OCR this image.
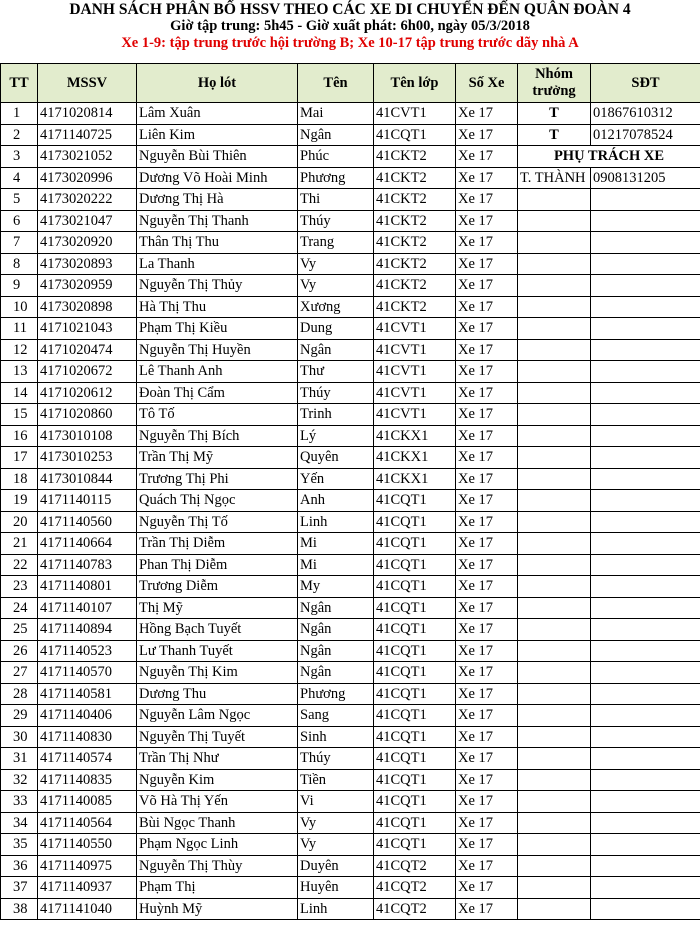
DANH SÁCH PHÂN BỔ HSSV THEO CÁC XE DI CHUYỂN ĐẾN QUÂN ĐOÀN 4
Giờ tập trung: 5h45 - Giờ xuất phát: 6h00, ngày 05/3/2018
Xe 1-9: tập trung trước hội trường B; Xe 10-17 tập trung trước dãy nhà A
TT	MSSV	Họ lót	Tên	Tên lớp	Số Xe	Nhóm trưởng	SĐT
1	4171020814	Lâm Xuân	Mai	41CVT1	Xe 17	T	01867610312
2	4171140725	Liên Kim	Ngân	41CQT1	Xe 17	T	01217078524
3	4173021052	Nguyễn Bùi Thiên	Phúc	41CKT2	Xe 17	PHỤ TRÁCH XE	
4	4173020996	Dương Võ Hoài Minh	Phương	41CKT2	Xe 17	T. THÀNH	0908131205
5	4173020222	Dương Thị Hà	Thi	41CKT2	Xe 17		
6	4173021047	Nguyễn Thị Thanh	Thúy	41CKT2	Xe 17		
7	4173020920	Thân Thị Thu	Trang	41CKT2	Xe 17		
8	4173020893	La Thanh	Vy	41CKT2	Xe 17		
9	4173020959	Nguyễn Thị Thủy	Vy	41CKT2	Xe 17		
10	4173020898	Hà Thị Thu	Xương	41CKT2	Xe 17		
11	4171021043	Phạm Thị Kiều	Dung	41CVT1	Xe 17		
12	4171020474	Nguyễn Thị Huyền	Ngân	41CVT1	Xe 17		
13	4171020672	Lê Thanh Anh	Thư	41CVT1	Xe 17		
14	4171020612	Đoàn Thị Cẩm	Thúy	41CVT1	Xe 17		
15	4171020860	Tô Tố	Trinh	41CVT1	Xe 17		
16	4173010108	Nguyễn Thị Bích	Lý	41CKX1	Xe 17		
17	4173010253	Trần Thị Mỹ	Quyên	41CKX1	Xe 17		
18	4173010844	Trương Thị Phi	Yến	41CKX1	Xe 17		
19	4171140115	Quách Thị Ngọc	Anh	41CQT1	Xe 17		
20	4171140560	Nguyễn Thị Tố	Linh	41CQT1	Xe 17		
21	4171140664	Trần Thị Diễm	Mi	41CQT1	Xe 17		
22	4171140783	Phan Thị Diễm	Mi	41CQT1	Xe 17		
23	4171140801	Trương Diễm	My	41CQT1	Xe 17		
24	4171140107	Thị Mỹ	Ngân	41CQT1	Xe 17		
25	4171140894	Hồng Bạch Tuyết	Ngân	41CQT1	Xe 17		
26	4171140523	Lư Thanh Tuyết	Ngân	41CQT1	Xe 17		
27	4171140570	Nguyễn Thị Kim	Ngân	41CQT1	Xe 17		
28	4171140581	Dương Thu	Phương	41CQT1	Xe 17		
29	4171140406	Nguyễn Lâm Ngọc	Sang	41CQT1	Xe 17		
30	4171140830	Nguyễn Thị Tuyết	Sinh	41CQT1	Xe 17		
31	4171140574	Trần Thị Như	Thúy	41CQT1	Xe 17		
32	4171140835	Nguyễn Kim	Tiền	41CQT1	Xe 17		
33	4171140085	Võ Hà Thị Yến	Vi	41CQT1	Xe 17		
34	4171140564	Bùi Ngọc Thanh	Vy	41CQT1	Xe 17		
35	4171140550	Phạm Ngọc Linh	Vy	41CQT1	Xe 17		
36	4171140975	Nguyễn Thị Thùy	Duyên	41CQT2	Xe 17		
37	4171140937	Phạm Thị	Huyên	41CQT2	Xe 17		
38	4171141040	Huỳnh Mỹ	Linh	41CQT2	Xe 17		
